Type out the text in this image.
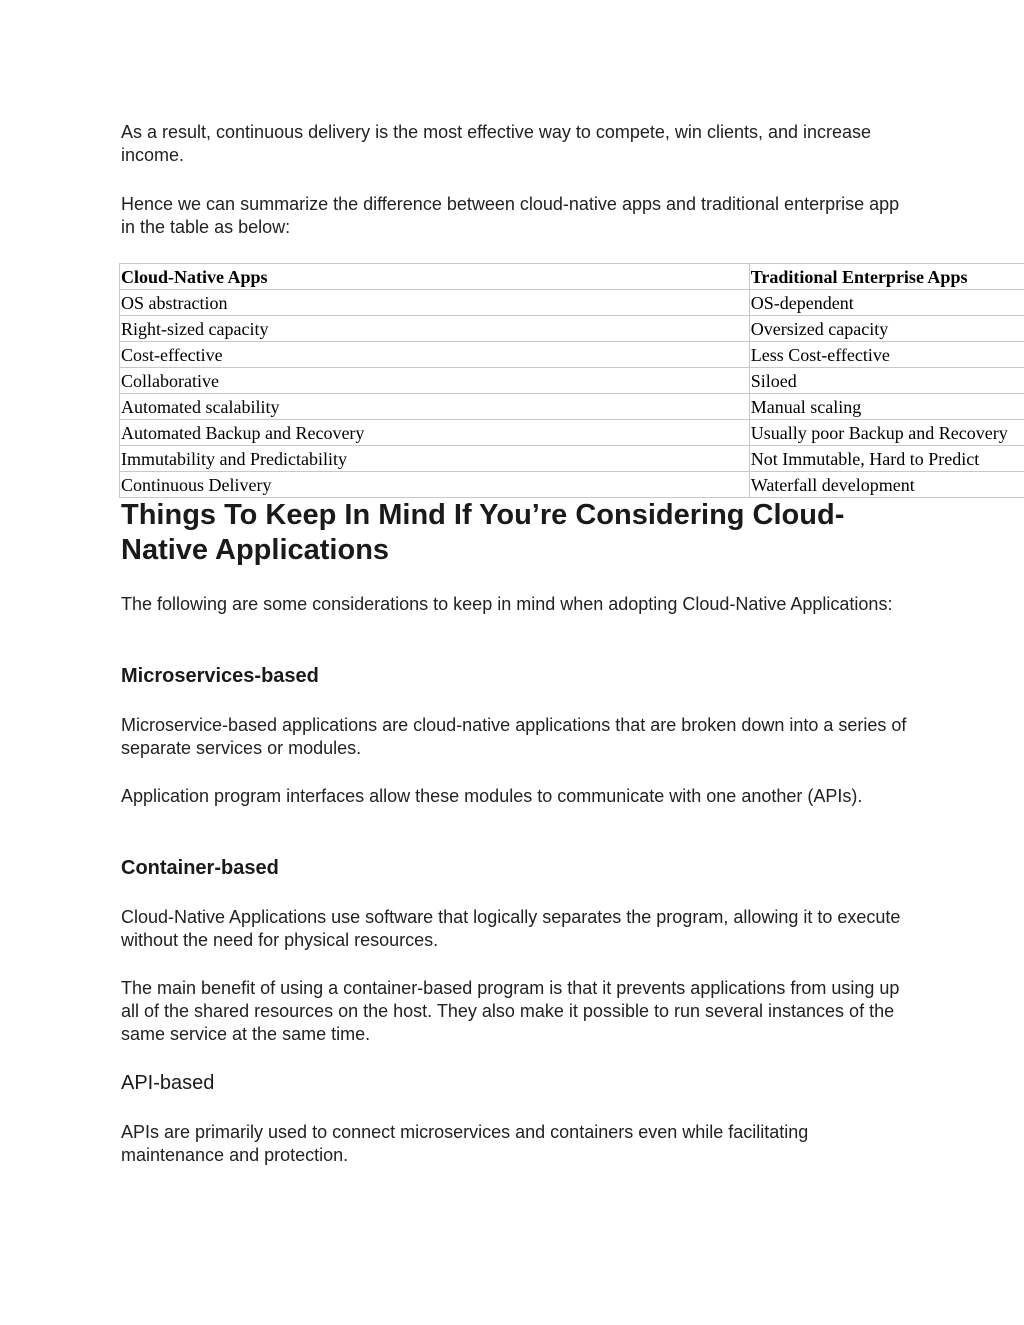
As a result, continuous delivery is the most effective way to compete, win clients, and increase income.

Hence we can summarize the difference between cloud-native apps and traditional enterprise app in the table as below:

Cloud-Native Apps	Traditional Enterprise Apps
OS abstraction	OS-dependent
Right-sized capacity	Oversized capacity
Cost-effective	Less Cost-effective
Collaborative	Siloed
Automated scalability	Manual scaling
Automated Backup and Recovery	Usually poor Backup and Recovery
Immutability and Predictability	Not Immutable, Hard to Predict
Continuous Delivery	Waterfall development
Things To Keep In Mind If You’re Considering Cloud-Native Applications

The following are some considerations to keep in mind when adopting Cloud-Native Applications:

Microservices-based

Microservice-based applications are cloud-native applications that are broken down into a series of separate services or modules.

Application program interfaces allow these modules to communicate with one another (APIs).

Container-based

Cloud-Native Applications use software that logically separates the program, allowing it to execute without the need for physical resources.

The main benefit of using a container-based program is that it prevents applications from using up all of the shared resources on the host. They also make it possible to run several instances of the same service at the same time.

API-based

APIs are primarily used to connect microservices and containers even while facilitating maintenance and protection.
